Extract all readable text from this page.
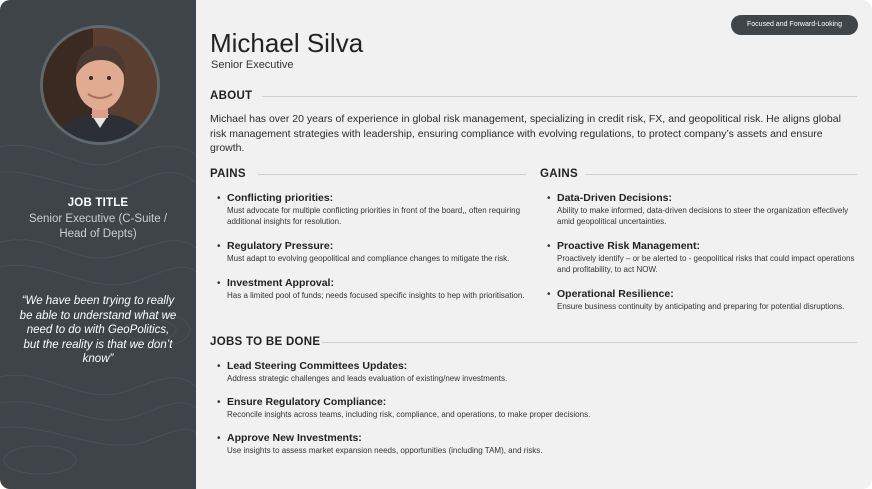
JOB TITLE
Senior Executive (C-Suite / Head of Depts)
“We have been trying to really be able to understand what we need to do with GeoPolitics, but the reality is that we don’t know”
Focused and Forward-Looking
Michael Silva
Senior Executive
ABOUT
Michael has over 20 years of experience in global risk management, specializing in credit risk, FX, and geopolitical risk. He aligns global risk management strategies with leadership, ensuring compliance with evolving regulations, to protect company’s assets and ensure growth.
PAINS
• Conflicting priorities:
Must advocate for multiple conflicting priorities in front of the board,, often requiring additional insights for resolution.
• Regulatory Pressure:
Must adapt to evolving geopolitical and compliance changes to mitigate the risk.
• Investment Approval:
Has a limited pool of funds; needs focused specific insights to hep with prioritisation.
GAINS
• Data-Driven Decisions:
Ability to make informed, data-driven decisions to steer the organization effectively amid geopolitical uncertainties.
• Proactive Risk Management:
Proactively identify – or be alerted to - geopolitical risks that could impact operations and profitability, to act NOW.
• Operational Resilience:
Ensure business continuity by anticipating and preparing for potential disruptions.
JOBS TO BE DONE
• Lead Steering Committees Updates:
Address strategic challenges and leads evaluation of existing/new investments.
• Ensure Regulatory Compliance:
Reconcile insights across teams, including risk, compliance, and operations, to make proper decisions.
• Approve New Investments:
Use insights to assess market expansion needs, opportunities (including TAM), and risks.
